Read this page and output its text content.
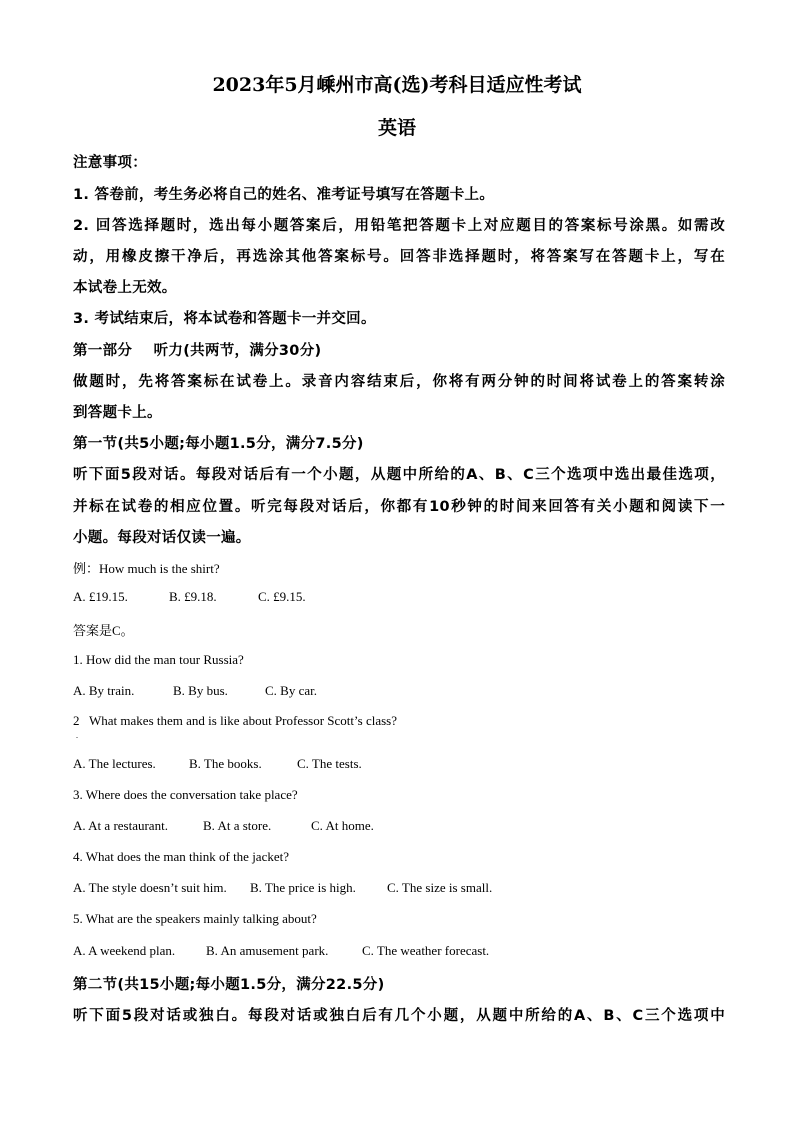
2023年5月嵊州市高(选)考科目适应性考试
英语
注意事项：
1. 答卷前，考生务必将自己的姓名、准考证号填写在答题卡上。
2. 回答选择题时，选出每小题答案后，用铅笔把答题卡上对应题目的答案标号涂黑。如需改
动，用橡皮擦干净后，再选涂其他答案标号。回答非选择题时，将答案写在答题卡上，写在
本试卷上无效。
3. 考试结束后，将本试卷和答题卡一并交回。
第一部分    听力(共两节，满分30分)
做题时，先将答案标在试卷上。录音内容结束后，你将有两分钟的时间将试卷上的答案转涂
到答题卡上。
第一节(共5小题;每小题1.5分，满分7.5分)
听下面5段对话。每段对话后有一个小题，从题中所给的A、B、C三个选项中选出最佳选项，
并标在试卷的相应位置。听完每段对话后，你都有10秒钟的时间来回答有关小题和阅读下一
小题。每段对话仅读一遍。
例：How much is the shirt?
A. £19.15.	B. £9.18.	C. £9.15.
答案是C。
1. How did the man tour Russia?
A. By train.	B. By bus.	C. By car.
2   What makes them and is like about Professor Scott’s class?
.
A. The lectures.	B. The books.	C. The tests.
3. Where does the conversation take place?
A. At a restaurant.	B. At a store.	C. At home.
4. What does the man think of the jacket?
A. The style doesn’t suit him. B. The price is high. C. The size is small.
5. What are the speakers mainly talking about?
A. A weekend plan. B. An amusement park.	C. The weather forecast.
第二节(共15小题;每小题1.5分，满分22.5分)
听下面5段对话或独白。每段对话或独白后有几个小题，从题中所给的A、B、C三个选项中
